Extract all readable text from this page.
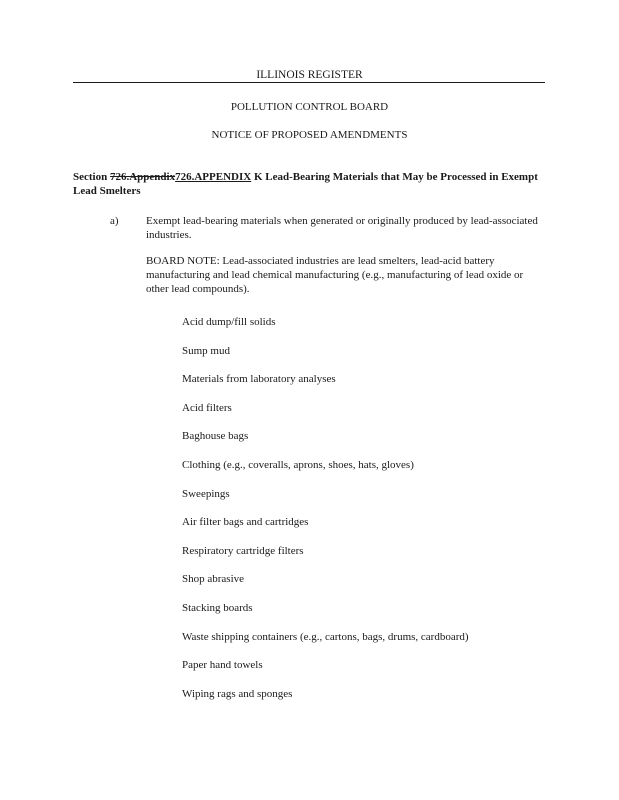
ILLINOIS REGISTER
POLLUTION CONTROL BOARD
NOTICE OF PROPOSED AMENDMENTS
Section 726.Appendix726.APPENDIX K Lead-Bearing Materials that May be Processed in Exempt Lead Smelters
a) Exempt lead-bearing materials when generated or originally produced by lead-associated industries.
BOARD NOTE: Lead-associated industries are lead smelters, lead-acid battery manufacturing and lead chemical manufacturing (e.g., manufacturing of lead oxide or other lead compounds).
Acid dump/fill solids
Sump mud
Materials from laboratory analyses
Acid filters
Baghouse bags
Clothing (e.g., coveralls, aprons, shoes, hats, gloves)
Sweepings
Air filter bags and cartridges
Respiratory cartridge filters
Shop abrasive
Stacking boards
Waste shipping containers (e.g., cartons, bags, drums, cardboard)
Paper hand towels
Wiping rags and sponges
